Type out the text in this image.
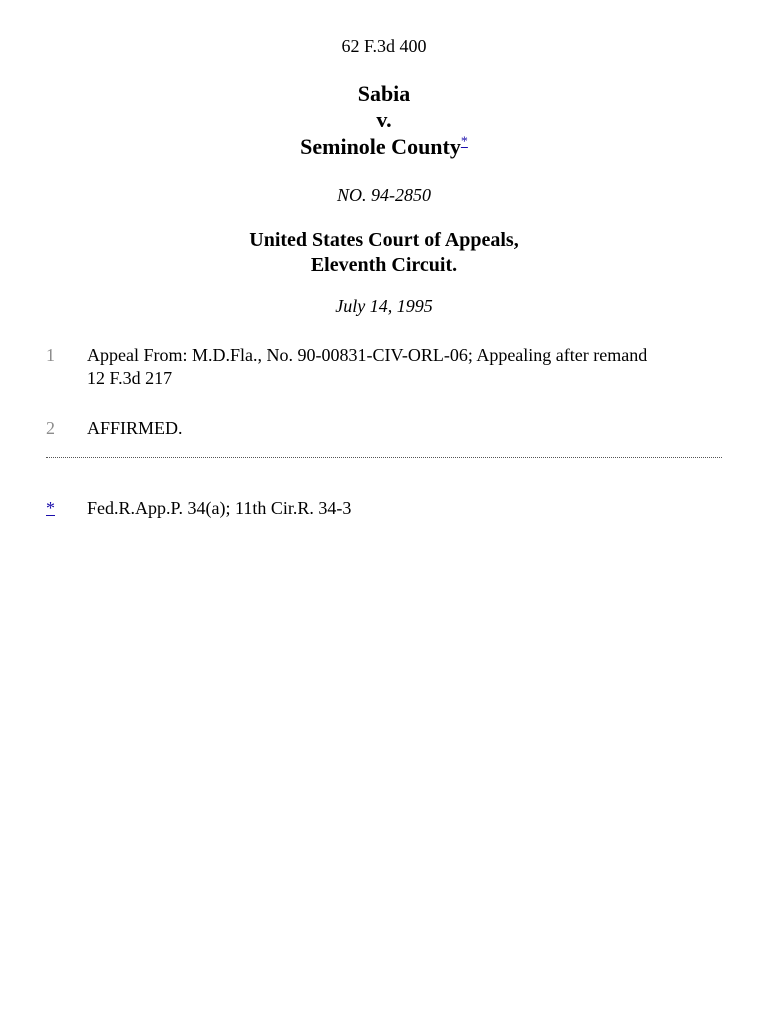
62 F.3d 400
Sabia
v.
Seminole County*
NO. 94-2850
United States Court of Appeals,
Eleventh Circuit.
July 14, 1995
1	Appeal From: M.D.Fla., No. 90-00831-CIV-ORL-06; Appealing after remand
12 F.3d 217
2	AFFIRMED.
* Fed.R.App.P. 34(a); 11th Cir.R. 34-3
